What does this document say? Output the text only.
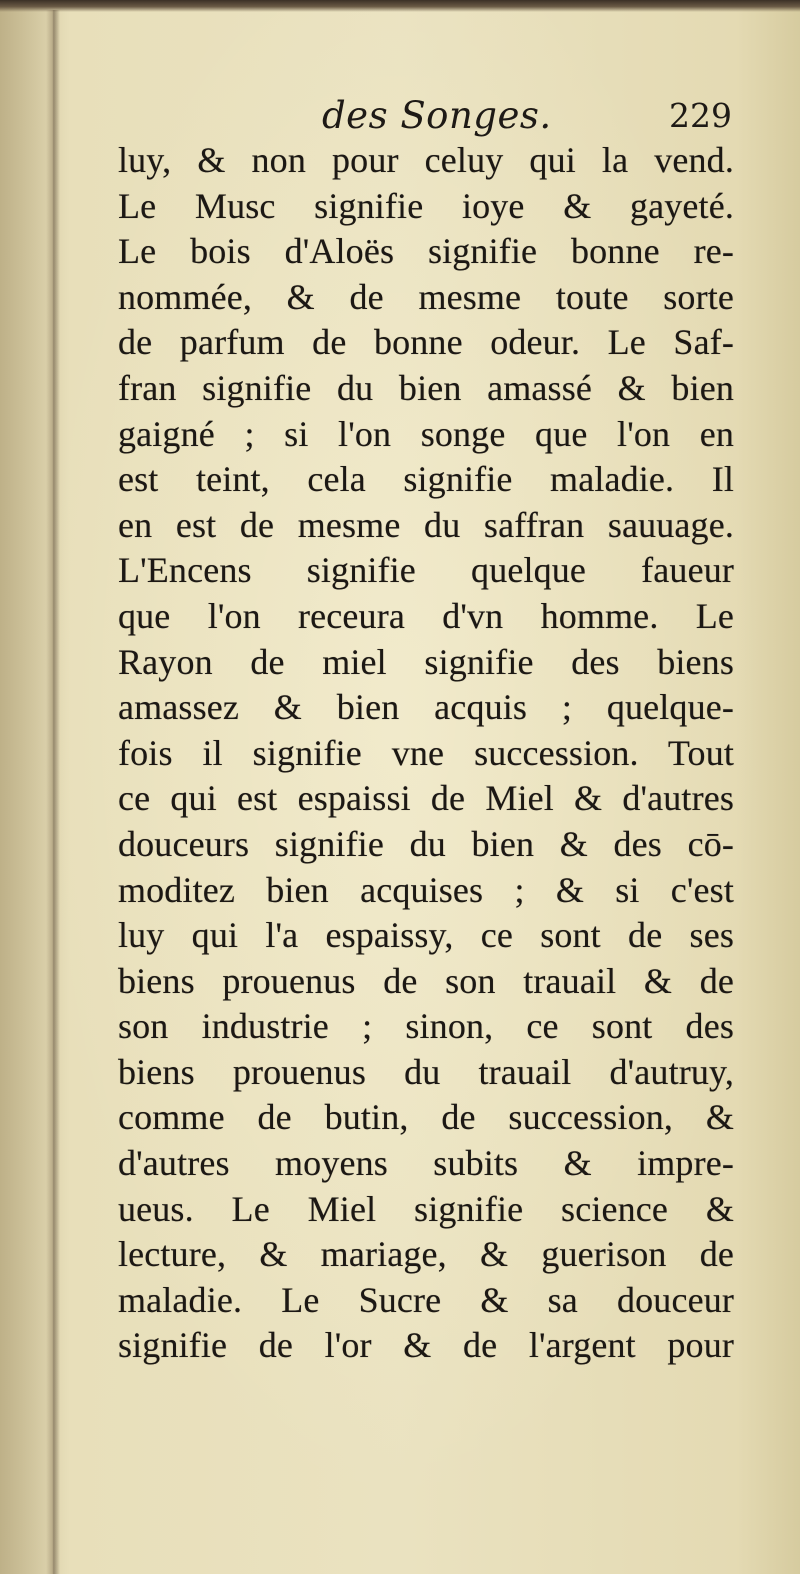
des Songes.	229
luy, & non pour celuy qui la vend.
Le Musc signifie ioye & gayeté.
Le bois d'Aloës signifie bonne re-
nommée, & de mesme toute sorte
de parfum de bonne odeur. Le Saf-
fran signifie du bien amassé & bien
gaigné ; si l'on songe que l'on en
est teint, cela signifie maladie. Il
en est de mesme du saffran sauuage.
L'Encens signifie quelque faueur
que l'on receura d'vn homme. Le
Rayon de miel signifie des biens
amassez & bien acquis ; quelque-
fois il signifie vne succession. Tout
ce qui est espaissi de Miel & d'autres
douceurs signifie du bien & des cō-
moditez bien acquises ; & si c'est
luy qui l'a espaissy, ce sont de ses
biens prouenus de son trauail & de
son industrie ; sinon, ce sont des
biens prouenus du trauail d'autruy,
comme de butin, de succession, &
d'autres moyens subits & impre-
ueus. Le Miel signifie science &
lecture, & mariage, & guerison de
maladie. Le Sucre & sa douceur
signifie de l'or & de l'argent pour
